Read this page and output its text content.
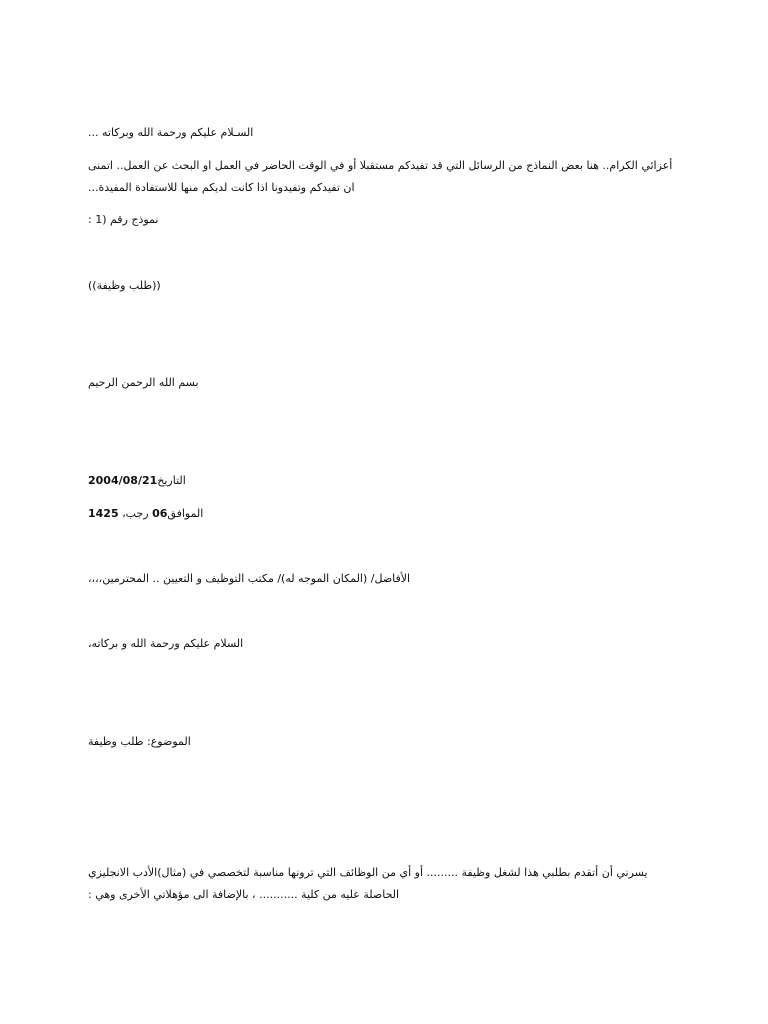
السـلام عليكم ورحمة الله وبركاته ...
أعزائي الكرام.. هنا بعض النماذج من الرسائل التي قد تفيدكم مستقبلا أو في الوقت الحاضر في العمل او البحث عن العمل.. اتمنى ان تفيدكم وتفيدونا اذا كانت لديكم منها للاستفادة المفيدة...
نموذج رقم (1 :
((طلب وظيفة))
بسم الله الرحمن الرحيم
التاريخ2004/08/21
الموافق06 رجب، 1425
الأفاضل/ (المكان الموجه له)/ مكتب التوظيف و التعيين .. المحترمين،،،،
السلام عليكم ورحمة الله و بركاته،
الموضوع: طلب وظيفة
يسرني أن أتقدم بطلبي هذا لشغل وظيفة ......... أو أي من الوظائف التي ترونها مناسبة لتخصصي في (مثال)الأدب الانجليزي الحاصلة عليه من كلية ........... ، بالإضافة الى مؤهلاتي الأخرى وهي :
